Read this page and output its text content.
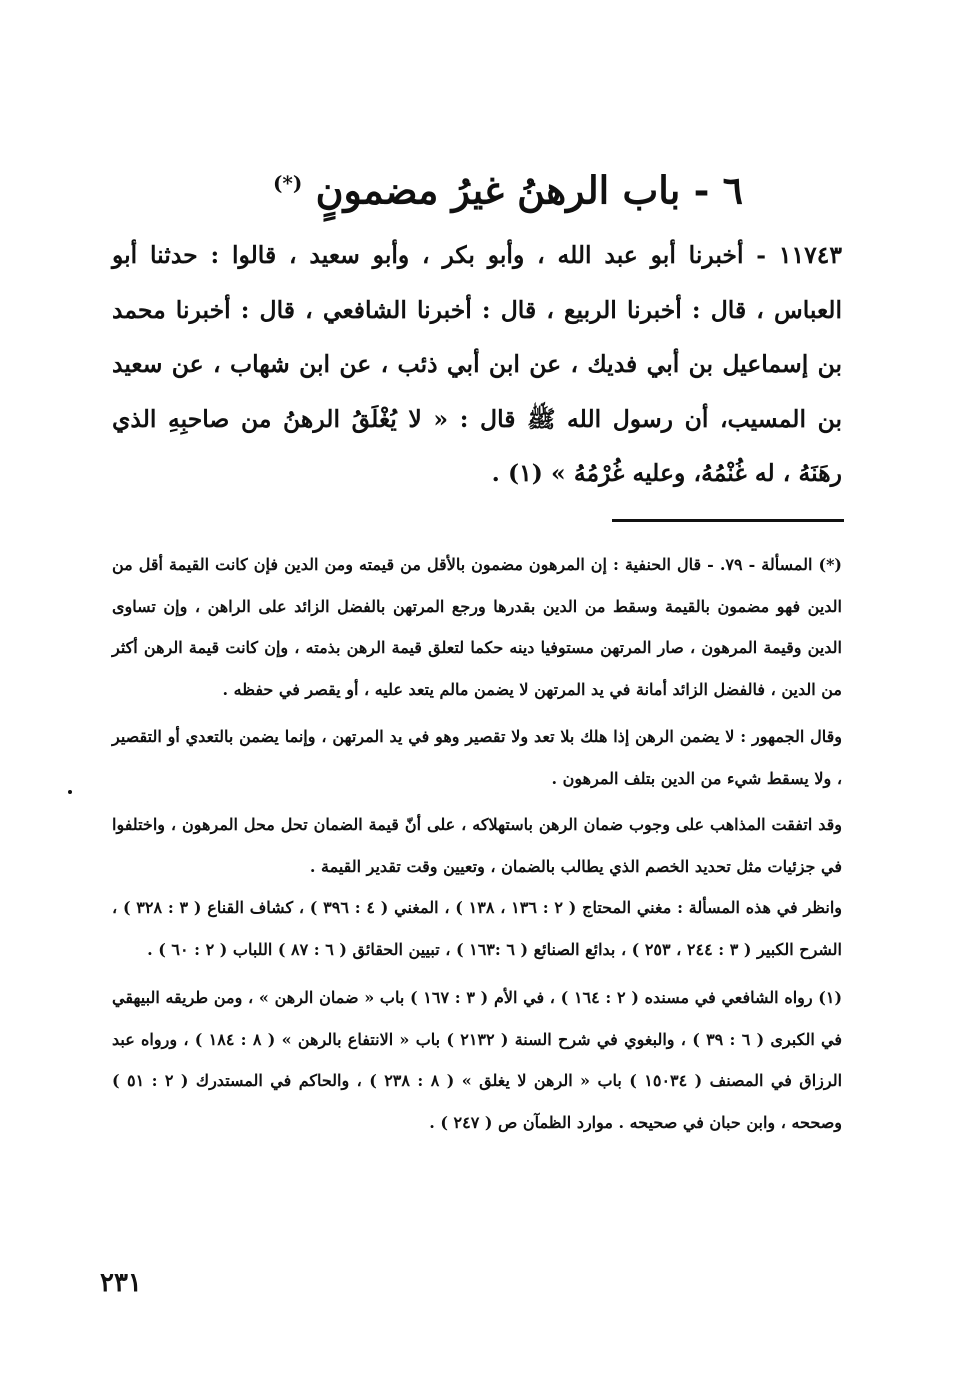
٦ - باب الرهنُ غيرُ مضمونٍ (*)

١١٧٤٣ - أخبرنا أبو عبد الله ، وأبو بكر ، وأبو سعيد ، قالوا : حدثنا أبو العباس ، قال : أخبرنا الربيع ، قال : أخبرنا الشافعي ، قال : أخبرنا محمد بن إسماعيل بن أبي فديك ، عن ابن أبي ذئب ، عن ابن شهاب ، عن سعيد بن المسيب، أن رسول الله ﷺ قال : « لا يُغْلَقُ الرهنُ من صاحبِهِ الذي رهَنَهُ ، له غُنْمُهُ، وعليه غُرْمُهُ » (١) .

(*) المسألة - ٧٩. - قال الحنفية : إن المرهون مضمون بالأقل من قيمته ومن الدين فإن كانت القيمة أقل من الدين فهو مضمون بالقيمة وسقط من الدين بقدرها ورجع المرتهن بالفضل الزائد على الراهن ، وإن تساوى الدين وقيمة المرهون ، صار المرتهن مستوفيا دينه حكما لتعلق قيمة الرهن بذمته ، وإن كانت قيمة الرهن أكثر من الدين ، فالفضل الزائد أمانة في يد المرتهن لا يضمن مالم يتعد عليه ، أو يقصر في حفظه .

وقال الجمهور : لا يضمن الرهن إذا هلك بلا تعد ولا تقصير وهو في يد المرتهن ، وإنما يضمن بالتعدي أو التقصير ، ولا يسقط شيء من الدين بتلف المرهون .

وقد اتفقت المذاهب على وجوب ضمان الرهن باستهلاكه ، على أنّ قيمة الضمان تحل محل المرهون ، واختلفوا في جزئيات مثل تحديد الخصم الذي يطالب بالضمان ، وتعيين وقت تقدير القيمة .

وانظر في هذه المسألة : مغني المحتاج ( ٢ : ١٣٦ ، ١٣٨ ) ، المغني ( ٤ : ٣٩٦ ) ، كشاف القناع ( ٣ : ٣٢٨ ) ، الشرح الكبير ( ٣ : ٢٤٤ ، ٢٥٣ ) ، بدائع الصنائع ( ٦ :١٦٣ ) ، تبيين الحقائق ( ٦ : ٨٧ ) اللباب ( ٢ : ٦٠ ) .

(١) رواه الشافعي في مسنده ( ٢ : ١٦٤ ) ، في الأم ( ٣ : ١٦٧ ) باب « ضمان الرهن » ، ومن طريقه البيهقي في الكبرى ( ٦ : ٣٩ ) ، والبغوي في شرح السنة ( ٢١٣٢ ) باب « الانتفاع بالرهن » ( ٨ : ١٨٤ ) ، ورواه عبد الرزاق في المصنف ( ١٥٠٣٤ ) باب « الرهن لا يغلق » ( ٨ : ٢٣٨ ) ، والحاكم في المستدرك ( ٢ : ٥١ ) وصححه ، وابن حبان في صحيحه . موارد الظمآن ص ( ٢٤٧ ) .

٢٣١
